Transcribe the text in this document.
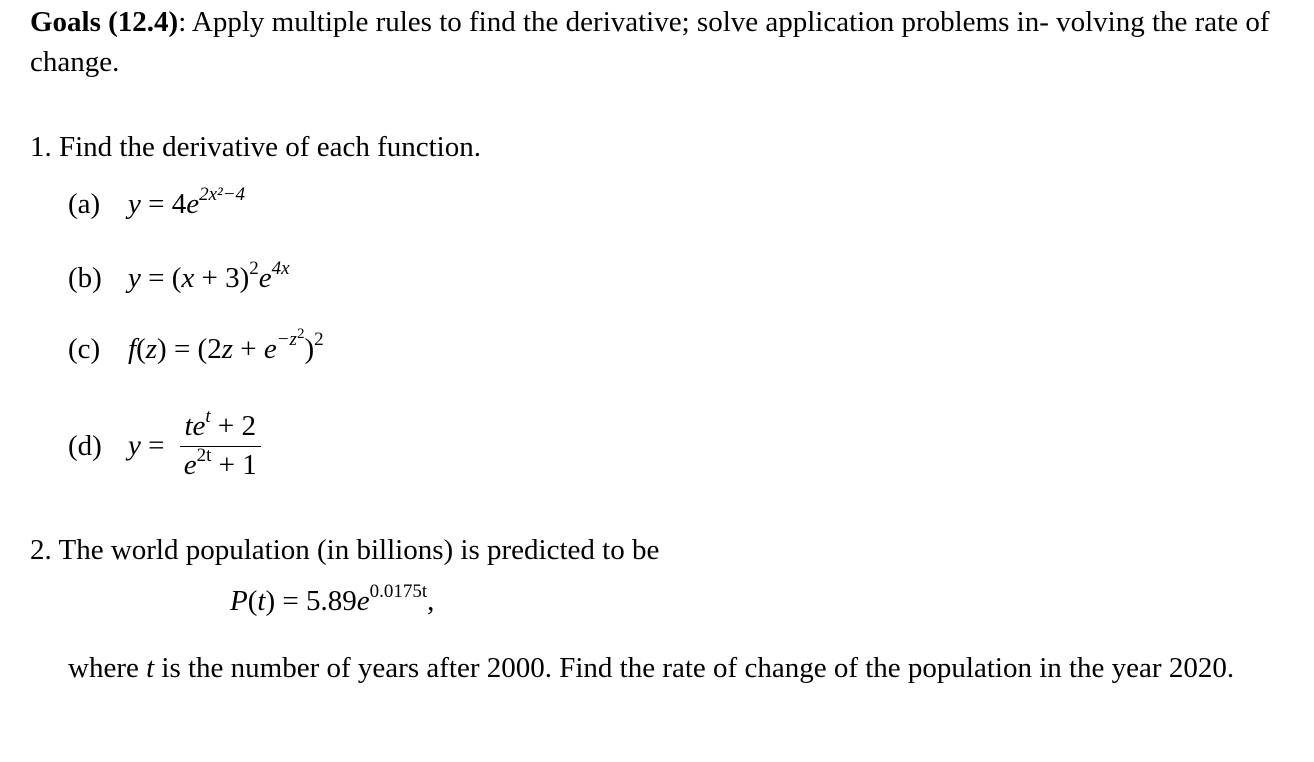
Goals (12.4): Apply multiple rules to find the derivative; solve application problems in- volving the rate of change.
1. Find the derivative of each function.
(a) $y = 4e^{2x^2-4}$
(b) $y = (x + 3)^2e^{4x}$
(c) $f(z) = (2z + e^{-z2})^2$
(d) $y = \frac{te^t + 2}{e^{2t} + 1}$
2. The world population (in billions) is predicted to be
$P(t) = 5.89e^{0.0175t}$,
where t is the number of years after 2000. Find the rate of change of the population in the year 2020.
